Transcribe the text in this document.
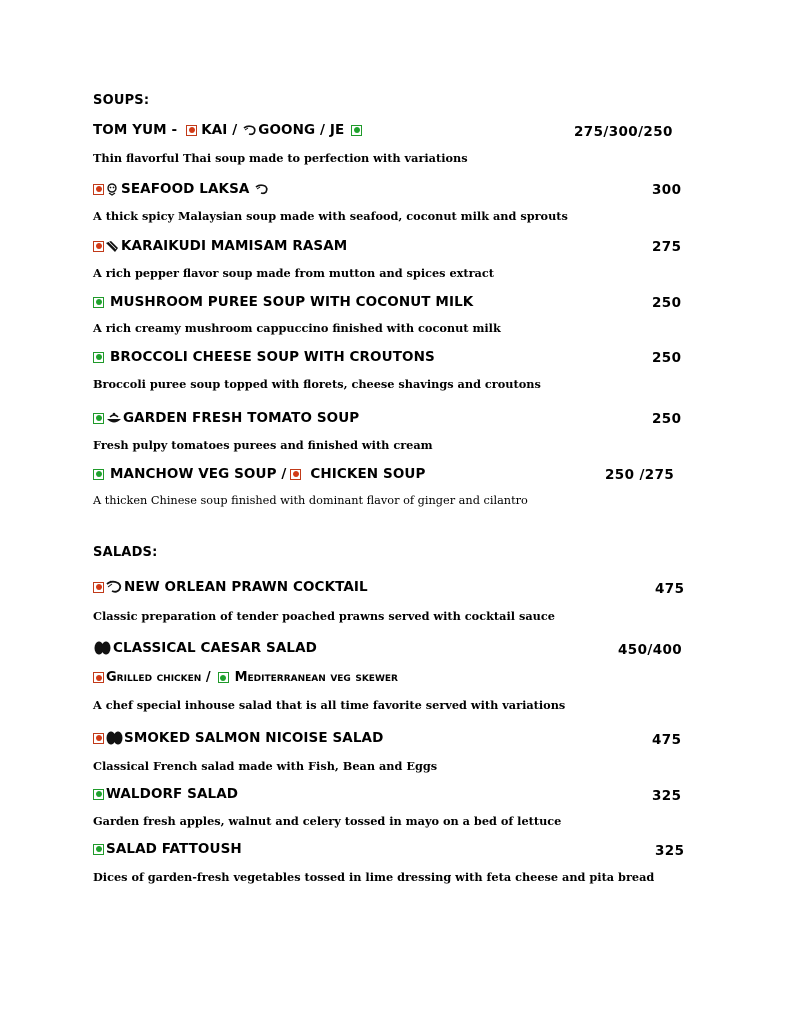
SOUPS:
TOM YUM - KAI / GOONG / JE	275/300/250
Thin flavorful Thai soup made to perfection with variations
SEAFOOD LAKSA	300
A thick spicy Malaysian soup made with seafood, coconut milk and sprouts
KARAIKUDI MAMISAM RASAM	275
A rich pepper flavor soup made from mutton and spices extract
MUSHROOM PUREE SOUP WITH COCONUT MILK	250
A rich creamy mushroom cappuccino finished with coconut milk
BROCCOLI CHEESE SOUP WITH CROUTONS	250
Broccoli puree soup topped with florets, cheese shavings and croutons
GARDEN FRESH TOMATO SOUP	250
Fresh pulpy tomatoes purees and finished with cream
MANCHOW VEG SOUP / CHICKEN SOUP	250 /275
A thicken Chinese soup finished with dominant flavor of ginger and cilantro
SALADS:
NEW ORLEAN PRAWN COCKTAIL	475
Classic preparation of tender poached prawns served with cocktail sauce
CLASSICAL CAESAR SALAD	450/400
Grilled chicken / Mediterranean veg skewer
A chef special inhouse salad that is all time favorite served with variations
SMOKED SALMON NICOISE SALAD	475
Classical French salad made with Fish, Bean and Eggs
WALDORF SALAD	325
Garden fresh apples, walnut and celery tossed in mayo on a bed of lettuce
SALAD FATTOUSH	325
Dices of garden-fresh vegetables tossed in lime dressing with feta cheese and pita bread
